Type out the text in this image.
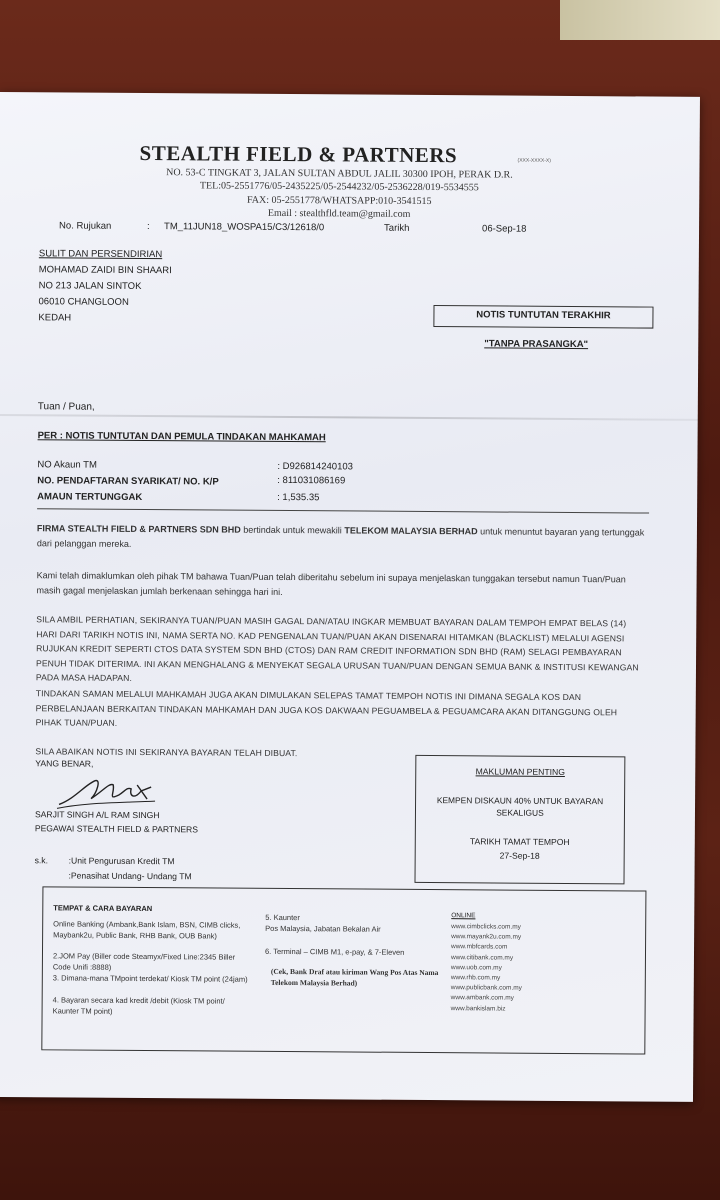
STEALTH FIELD & PARTNERS	(XXX-XXXX-X)
NO. 53-C TINGKAT 3, JALAN SULTAN ABDUL JALIL 30300 IPOH, PERAK D.R.
TEL:05-2551776/05-2435225/05-2544232/05-2536228/019-5534555
FAX: 05-2551778/WHATSAPP:010-3541515
Email : stealthfld.team@gmail.com
No. Rujukan	: TM_11JUN18_WOSPA15/C3/12618/0	Tarikh	06-Sep-18
SULIT DAN PERSENDIRIAN
MOHAMAD ZAIDI BIN SHAARI
NO 213 JALAN SINTOK
06010 CHANGLOON
KEDAH	NOTIS TUNTUTAN TERAKHIR
"TANPA PRASANGKA"
Tuan / Puan,
PER : NOTIS TUNTUTAN DAN PEMULA TINDAKAN MAHKAMAH
NO Akaun TM	: D926814240103
NO. PENDAFTARAN SYARIKAT/ NO. K/P	: 811031086169
AMAUN TERTUNGGAK	: 1,535.35
FIRMA STEALTH FIELD & PARTNERS SDN BHD bertindak untuk mewakili TELEKOM MALAYSIA BERHAD untuk menuntut bayaran yang tertunggak dari pelanggan mereka.
Kami telah dimaklumkan oleh pihak TM bahawa Tuan/Puan telah diberitahu sebelum ini supaya menjelaskan tunggakan tersebut namun Tuan/Puan masih gagal menjelaskan jumlah berkenaan sehingga hari ini.
SILA AMBIL PERHATIAN, SEKIRANYA TUAN/PUAN MASIH GAGAL DAN/ATAU INGKAR MEMBUAT BAYARAN DALAM TEMPOH EMPAT BELAS (14) HARI DARI TARIKH NOTIS INI, NAMA SERTA NO. KAD PENGENALAN TUAN/PUAN AKAN DISENARAI HITAMKAN (BLACKLIST) MELALUI AGENSI RUJUKAN KREDIT SEPERTI CTOS DATA SYSTEM SDN BHD (CTOS) DAN RAM CREDIT INFORMATION SDN BHD (RAM) SELAGI PEMBAYARAN PENUH TIDAK DITERIMA. INI AKAN MENGHALANG & MENYEKAT SEGALA URUSAN TUAN/PUAN DENGAN SEMUA BANK & INSTITUSI KEWANGAN PADA MASA HADAPAN.
TINDAKAN SAMAN MELALUI MAHKAMAH JUGA AKAN DIMULAKAN SELEPAS TAMAT TEMPOH NOTIS INI DIMANA SEGALA KOS DAN PERBELANJAAN BERKAITAN TINDAKAN MAHKAMAH DAN JUGA KOS DAKWAAN PEGUAMBELA & PEGUAMCARA AKAN DITANGGUNG OLEH PIHAK TUAN/PUAN.
SILA ABAIKAN NOTIS INI SEKIRANYA BAYARAN TELAH DIBUAT.
YANG BENAR,
SARJIT SINGH A/L RAM SINGH
PEGAWAI STEALTH FIELD & PARTNERS
s.k. :Unit Pengurusan Kredit TM
:Penasihat Undang- Undang TM
MAKLUMAN PENTING
KEMPEN DISKAUN 40% UNTUK BAYARAN SEKALIGUS
TARIKH TAMAT TEMPOH
27-Sep-18
TEMPAT & CARA BAYARAN
Online Banking (Ambank,Bank Islam, BSN, CIMB clicks, Maybank2u, Public Bank, RHB Bank, OUB Bank)
2.JOM Pay (Biller code Steamyx/Fixed Line:2345 Biller Code Unifi :8888)
3. Dimana-mana TMpoint terdekat/ Kiosk TM point (24jam)
4. Bayaran secara kad kredit /debit (Kiosk TM point/ Kaunter TM point)
5. Kaunter
Pos Malaysia, Jabatan Bekalan Air
6. Terminal – CIMB M1, e-pay, & 7-Eleven
(Cek, Bank Draf atau kiriman Wang Pos Atas Nama Telekom Malaysia Berhad)
ONLINE
www.cimbclicks.com.my
www.mayank2u.com.my
www.mbfcards.com
www.citibank.com.my
www.uob.com.my
www.rhb.com.my
www.publicbank.com.my
www.ambank.com.my
www.bankislam.biz
